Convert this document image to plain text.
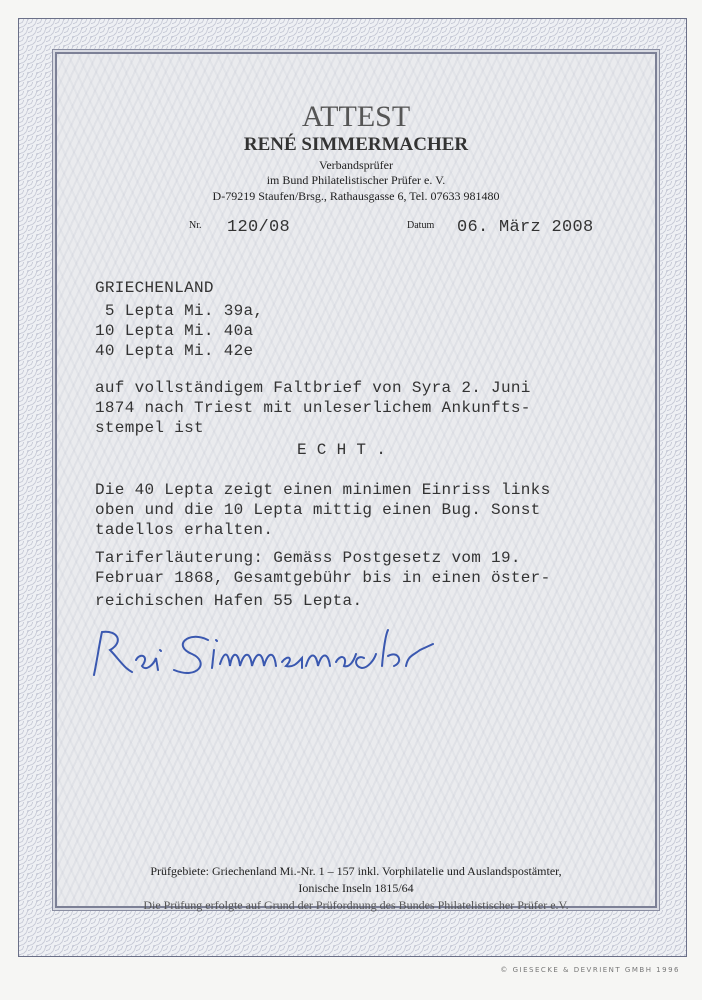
ATTEST
RENÉ SIMMERMACHER
Verbandsprüfer
im Bund Philatelistischer Prüfer e. V.
D-79219 Staufen/Brsg., Rathausgasse 6, Tel. 07633 981480
Nr. 120/08	Datum 06. März 2008
GRIECHENLAND
5 Lepta Mi. 39a,
10 Lepta Mi. 40a
40 Lepta Mi. 42e
auf vollständigem Faltbrief von Syra 2. Juni
1874 nach Triest mit unleserlichem Ankunfts-
stempel ist
E C H T .
Die 40 Lepta zeigt einen minimen Einriss links
oben und die 10 Lepta mittig einen Bug. Sonst
tadellos erhalten.
Tariferläuterung: Gemäss Postgesetz vom 19.
Februar 1868, Gesamtgebühr bis in einen öster-
reichischen Hafen 55 Lepta.
Prüfgebiete: Griechenland Mi.-Nr. 1 – 157 inkl. Vorphilatelie und Auslandspostämter,
Ionische Inseln 1815/64
Die Prüfung erfolgte auf Grund der Prüfordnung des Bundes Philatelistischer Prüfer e.V.
© GIESECKE & DEVRIENT GMBH 1996
